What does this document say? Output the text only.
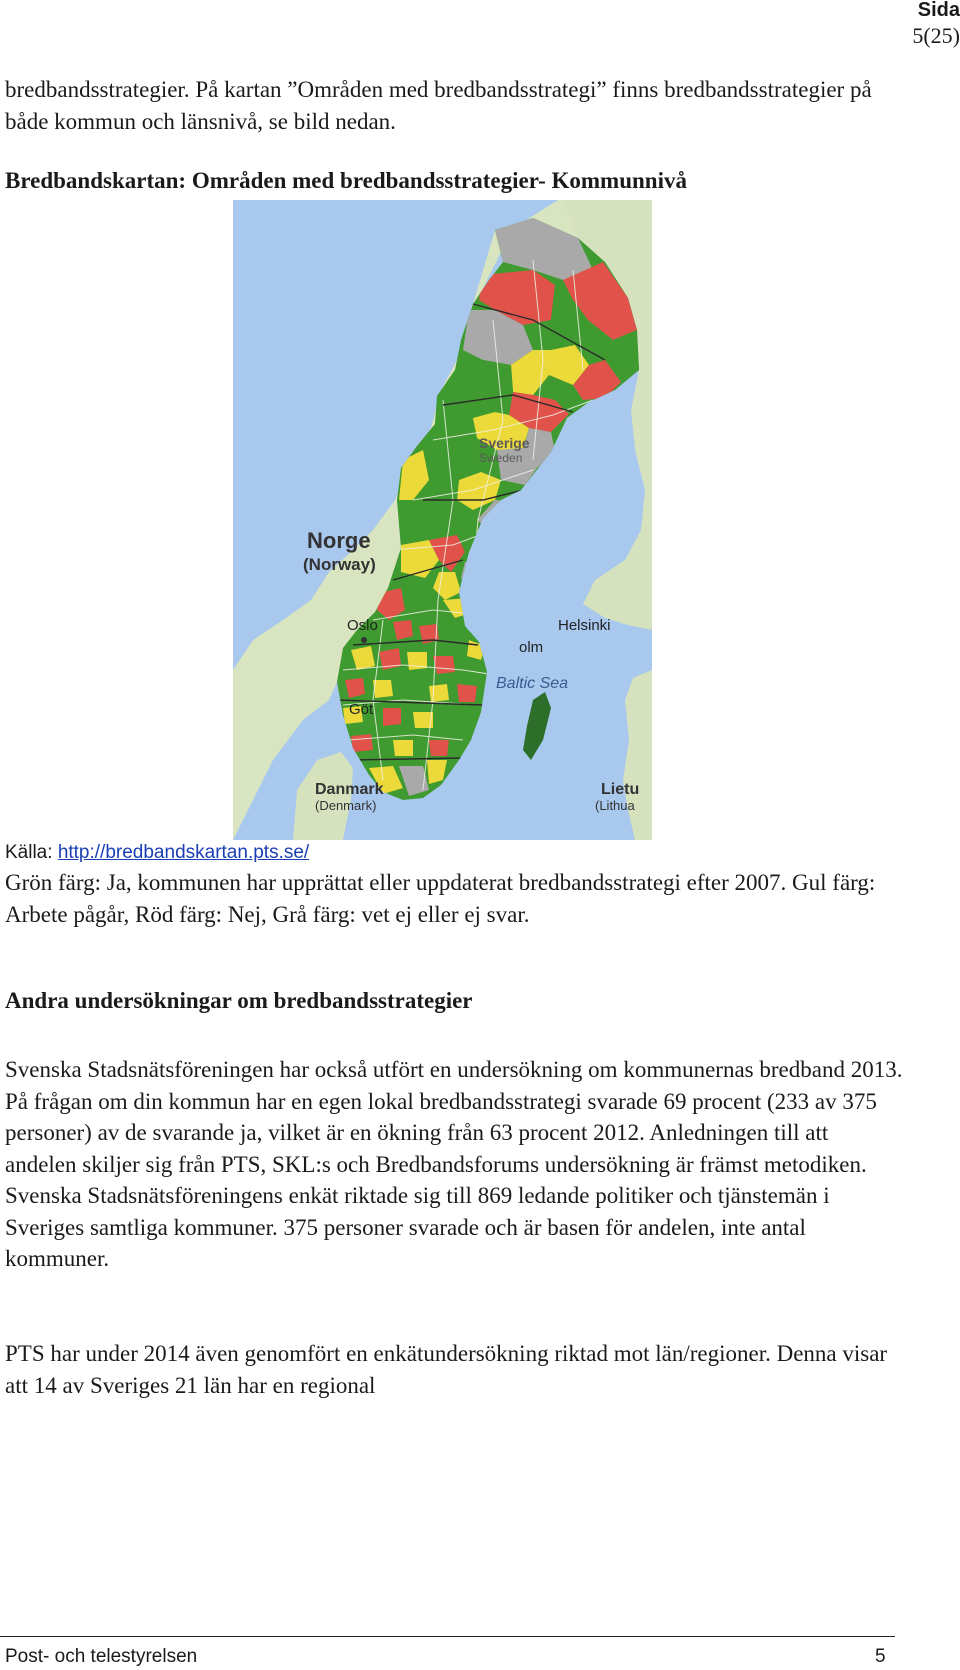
Sida
5(25)

bredbandsstrategier. På kartan ”Områden med bredbandsstrategi” finns bredbandsstrategier på både kommun och länsnivå, se bild nedan.

Bredbandskartan: Områden med bredbandsstrategier- Kommunnivå

Sverige
Sweden
Norge
(Norway)
Oslo	Helsinki
olm
Baltic Sea
Göt
Danmark
(Denmark)
Lietu
(Lithua
Källa: http://bredbandskartan.pts.se/

Grön färg: Ja, kommunen har upprättat eller uppdaterat bredbandsstrategi efter 2007. Gul färg: Arbete pågår, Röd färg: Nej, Grå färg: vet ej eller ej svar.

Andra undersökningar om bredbandsstrategier

Svenska Stadsnätsföreningen har också utfört en undersökning om kommunernas bredband 2013. På frågan om din kommun har en egen lokal bredbandsstrategi svarade 69 procent (233 av 375 personer) av de svarande ja, vilket är en ökning från 63 procent 2012. Anledningen till att andelen skiljer sig från PTS, SKL:s och Bredbandsforums undersökning är främst metodiken. Svenska Stadsnätsföreningens enkät riktade sig till 869 ledande politiker och tjänstemän i Sveriges samtliga kommuner. 375 personer svarade och är basen för andelen, inte antal kommuner.

PTS har under 2014 även genomfört en enkätundersökning riktad mot län/regioner. Denna visar att 14 av Sveriges 21 län har en regional

Post- och telestyrelsen	5
